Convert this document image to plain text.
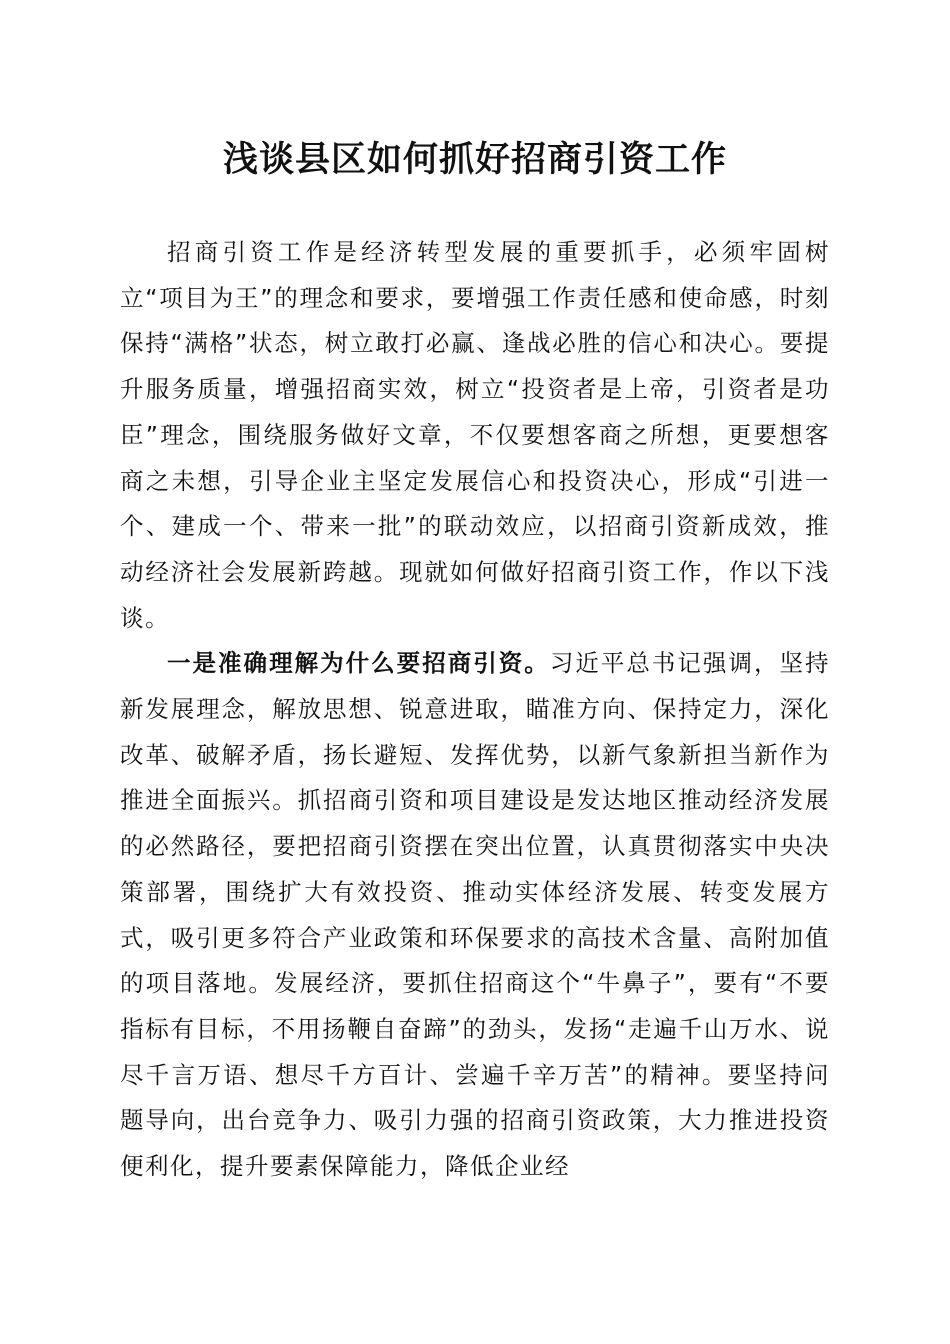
浅谈县区如何抓好招商引资工作

招商引资工作是经济转型发展的重要抓手，必须牢固树立“项目为王”的理念和要求，要增强工作责任感和使命感，时刻保持“满格”状态，树立敢打必赢、逢战必胜的信心和决心。要提升服务质量，增强招商实效，树立“投资者是上帝，引资者是功臣”理念，围绕服务做好文章，不仅要想客商之所想，更要想客商之未想，引导企业主坚定发展信心和投资决心，形成“引进一个、建成一个、带来一批”的联动效应，以招商引资新成效，推动经济社会发展新跨越。现就如何做好招商引资工作，作以下浅谈。

一是准确理解为什么要招商引资。习近平总书记强调，坚持新发展理念，解放思想、锐意进取，瞄准方向、保持定力，深化改革、破解矛盾，扬长避短、发挥优势，以新气象新担当新作为推进全面振兴。抓招商引资和项目建设是发达地区推动经济发展的必然路径，要把招商引资摆在突出位置，认真贯彻落实中央决策部署，围绕扩大有效投资、推动实体经济发展、转变发展方式，吸引更多符合产业政策和环保要求的高技术含量、高附加值的项目落地。发展经济，要抓住招商这个“牛鼻子”，要有“不要指标有目标，不用扬鞭自奋蹄”的劲头，发扬“走遍千山万水、说尽千言万语、想尽千方百计、尝遍千辛万苦”的精神。要坚持问题导向，出台竞争力、吸引力强的招商引资政策，大力推进投资便利化，提升要素保障能力，降低企业经
